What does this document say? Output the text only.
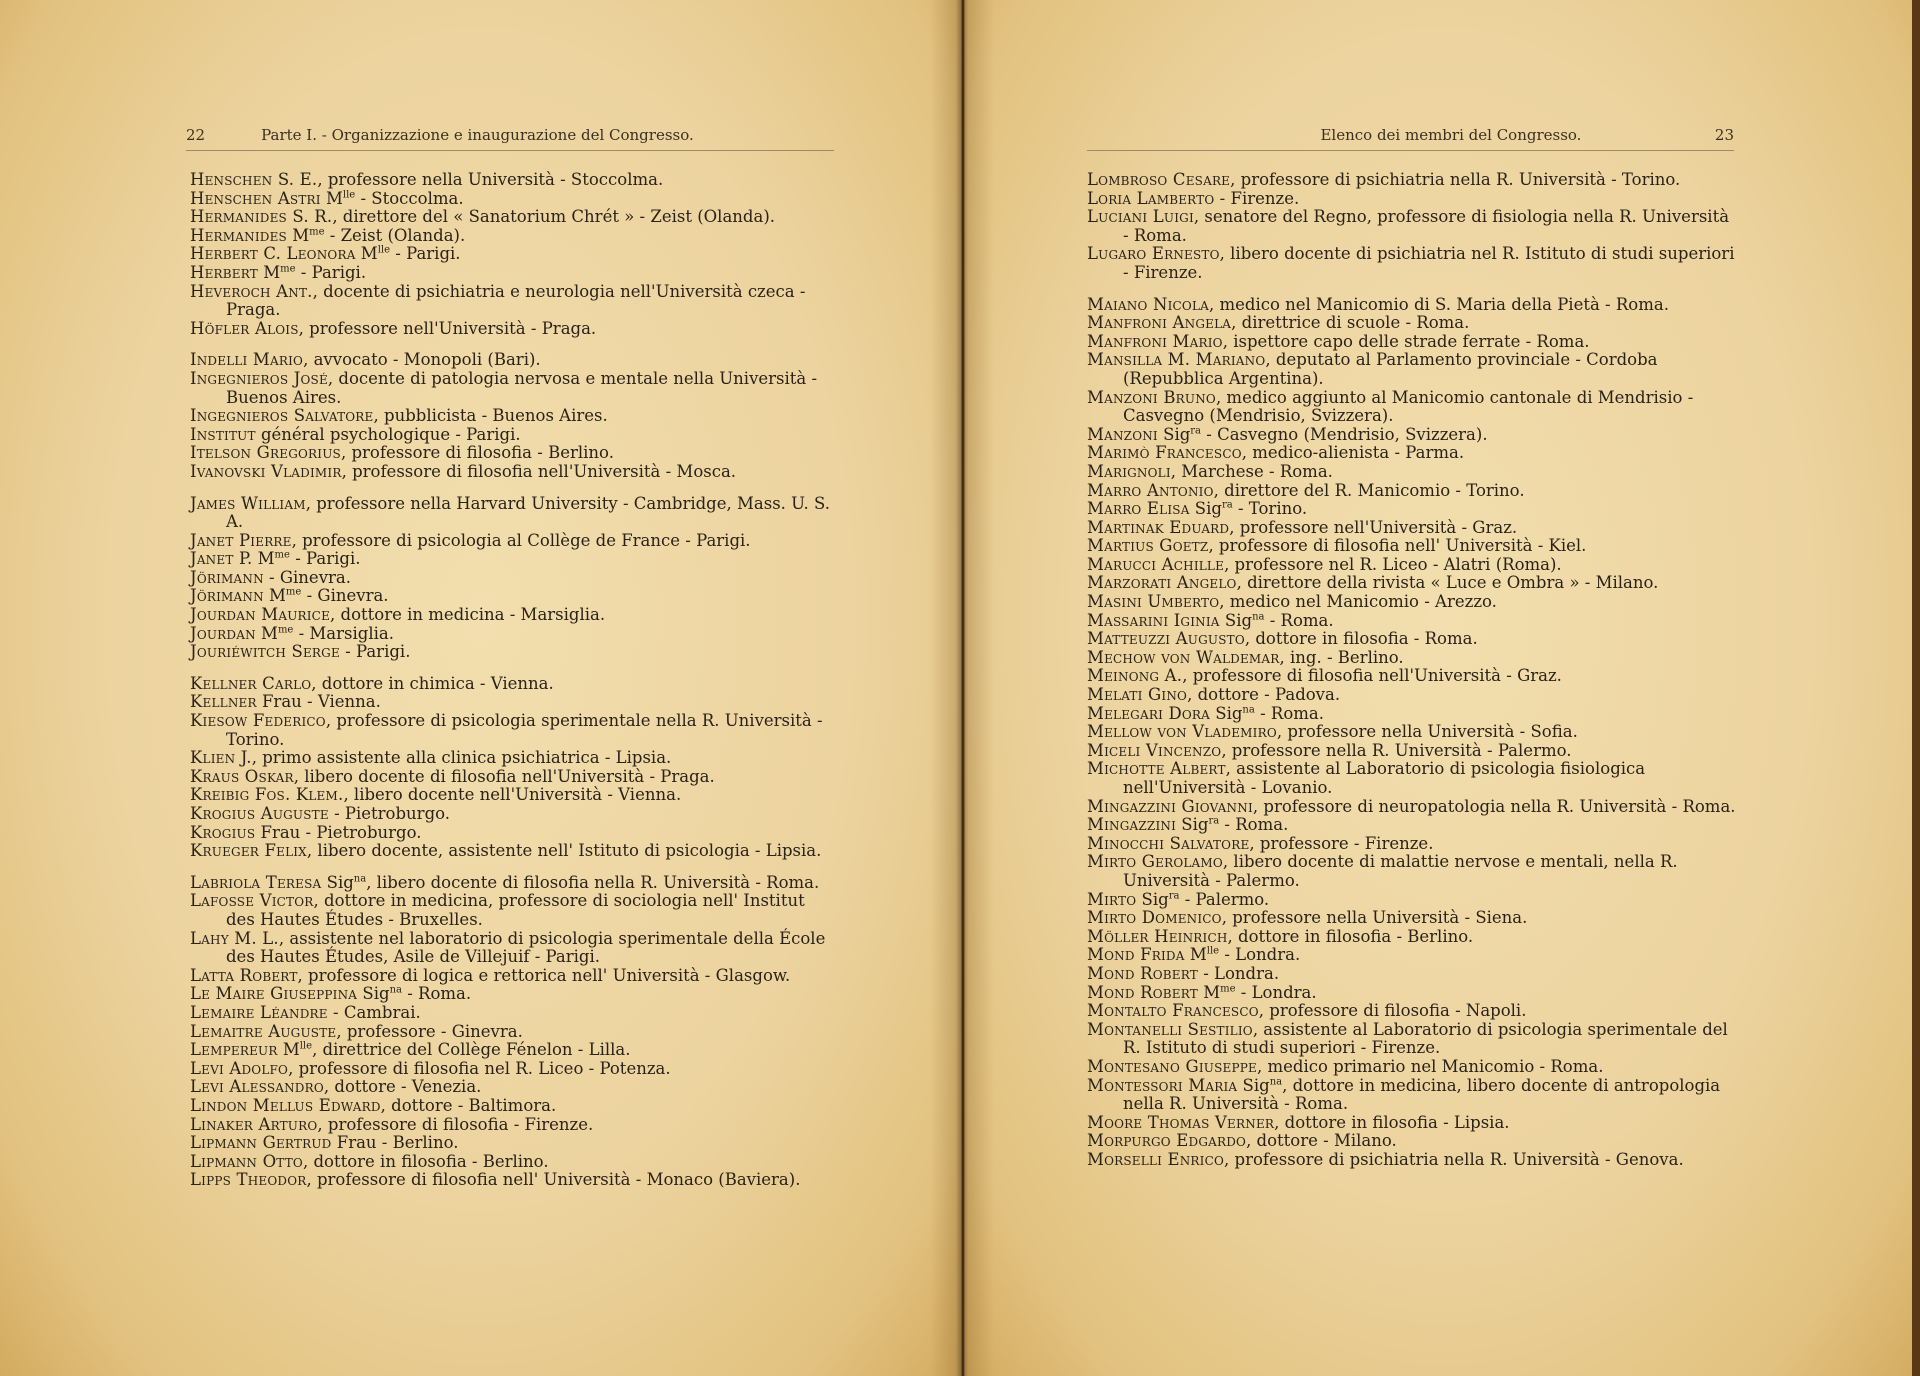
22	Parte I. - Organizzazione e inaugurazione del Congresso.

Henschen S. E., professore nella Università - Stoccolma.

Henschen Astri $M^{lle}$ - Stoccolma.

Hermanides S. R., direttore del « Sanatorium Chrét » - Zeist (Olanda).

Hermanides $M^{me}$ - Zeist (Olanda).

Herbert C. Leonora $M^{lle}$ - Parigi.

Herbert $M^{me}$ - Parigi.

Heveroch Ant., docente di psichiatria e neurologia nell'Università czeca - Praga.

Höfler Alois, professore nell'Università - Praga.

Indelli Mario, avvocato - Monopoli (Bari).

Ingegnieros José, docente di patologia nervosa e mentale nella Università - Buenos Aires.

Ingegnieros Salvatore, pubblicista - Buenos Aires.

Institut général psychologique - Parigi.

Itelson Gregorius, professore di filosofia - Berlino.

Ivanovski Vladimir, professore di filosofia nell'Università - Mosca.

James William, professore nella Harvard University - Cambridge, Mass. U. S. A.

Janet Pierre, professore di psicologia al Collège de France - Parigi.

Janet P. $M^{me}$ - Parigi.

Jörimann - Ginevra.

Jörimann $M^{me}$ - Ginevra.

Jourdan Maurice, dottore in medicina - Marsiglia.

Jourdan $M^{me}$ - Marsiglia.

Jouriéwitch Serge - Parigi.

Kellner Carlo, dottore in chimica - Vienna.

Kellner Frau - Vienna.

Kiesow Federico, professore di psicologia sperimentale nella R. Università - Torino.

Klien J., primo assistente alla clinica psichiatrica - Lipsia.

Kraus Oskar, libero docente di filosofia nell'Università - Praga.

Kreibig Fos. Klem., libero docente nell'Università - Vienna.

Krogius Auguste - Pietroburgo.

Krogius Frau - Pietroburgo.

Krueger Felix, libero docente, assistente nell' Istituto di psicologia - Lipsia.

Labriola Teresa Sig$^{na}$, libero docente di filosofia nella R. Università - Roma.

Lafosse Victor, dottore in medicina, professore di sociologia nell' Institut des Hautes Études - Bruxelles.

Lahy M. L., assistente nel laboratorio di psicologia sperimentale della École des Hautes Études, Asile de Villejuif - Parigi.

Latta Robert, professore di logica e rettorica nell' Università - Glasgow.

Le Maire Giuseppina Sig$^{na}$ - Roma.

Lemaire Léandre - Cambrai.

Lemaitre Auguste, professore - Ginevra.

Lempereur $M^{lle}$, direttrice del Collège Fénelon - Lilla.

Levi Adolfo, professore di filosofia nel R. Liceo - Potenza.

Levi Alessandro, dottore - Venezia.

Lindon Mellus Edward, dottore - Baltimora.

Linaker Arturo, professore di filosofia - Firenze.

Lipmann Gertrud Frau - Berlino.

Lipmann Otto, dottore in filosofia - Berlino.

Lipps Theodor, professore di filosofia nell' Università - Monaco (Baviera).

Elenco dei membri del Congresso.	23

Lombroso Cesare, professore di psichiatria nella R. Università - Torino.

Loria Lamberto - Firenze.

Luciani Luigi, senatore del Regno, professore di fisiologia nella R. Università - Roma.

Lugaro Ernesto, libero docente di psichiatria nel R. Istituto di studi superiori - Firenze.

Maiano Nicola, medico nel Manicomio di S. Maria della Pietà - Roma.

Manfroni Angela, direttrice di scuole - Roma.

Manfroni Mario, ispettore capo delle strade ferrate - Roma.

Mansilla M. Mariano, deputato al Parlamento provinciale - Cordoba (Repubblica Argentina).

Manzoni Bruno, medico aggiunto al Manicomio cantonale di Mendrisio - Casvegno (Mendrisio, Svizzera).

Manzoni Sig$^{ra}$ - Casvegno (Mendrisio, Svizzera).

Marimò Francesco, medico-alienista - Parma.

Marignoli, Marchese - Roma.

Marro Antonio, direttore del R. Manicomio - Torino.

Marro Elisa Sig$^{ra}$ - Torino.

Martinak Eduard, professore nell'Università - Graz.

Martius Goetz, professore di filosofia nell' Università - Kiel.

Marucci Achille, professore nel R. Liceo - Alatri (Roma).

Marzorati Angelo, direttore della rivista « Luce e Ombra » - Milano.

Masini Umberto, medico nel Manicomio - Arezzo.

Massarini Iginia Sig$^{na}$ - Roma.

Matteuzzi Augusto, dottore in filosofia - Roma.

Mechow von Waldemar, ing. - Berlino.

Meinong A., professore di filosofia nell'Università - Graz.

Melati Gino, dottore - Padova.

Melegari Dora Sig$^{na}$ - Roma.

Mellow von Vlademiro, professore nella Università - Sofia.

Miceli Vincenzo, professore nella R. Università - Palermo.

Michotte Albert, assistente al Laboratorio di psicologia fisiologica nell'Università - Lovanio.

Mingazzini Giovanni, professore di neuropatologia nella R. Università - Roma.

Mingazzini Sig$^{ra}$ - Roma.

Minocchi Salvatore, professore - Firenze.

Mirto Gerolamo, libero docente di malattie nervose e mentali, nella R. Università - Palermo.

Mirto Sig$^{ra}$ - Palermo.

Mirto Domenico, professore nella Università - Siena.

Möller Heinrich, dottore in filosofia - Berlino.

Mond Frida $M^{lle}$ - Londra.

Mond Robert - Londra.

Mond Robert $M^{me}$ - Londra.

Montalto Francesco, professore di filosofia - Napoli.

Montanelli Sestilio, assistente al Laboratorio di psicologia sperimentale del R. Istituto di studi superiori - Firenze.

Montesano Giuseppe, medico primario nel Manicomio - Roma.

Montessori Maria Sig$^{na}$, dottore in medicina, libero docente di antropologia nella R. Università - Roma.

Moore Thomas Verner, dottore in filosofia - Lipsia.

Morpurgo Edgardo, dottore - Milano.

Morselli Enrico, professore di psichiatria nella R. Università - Genova.
